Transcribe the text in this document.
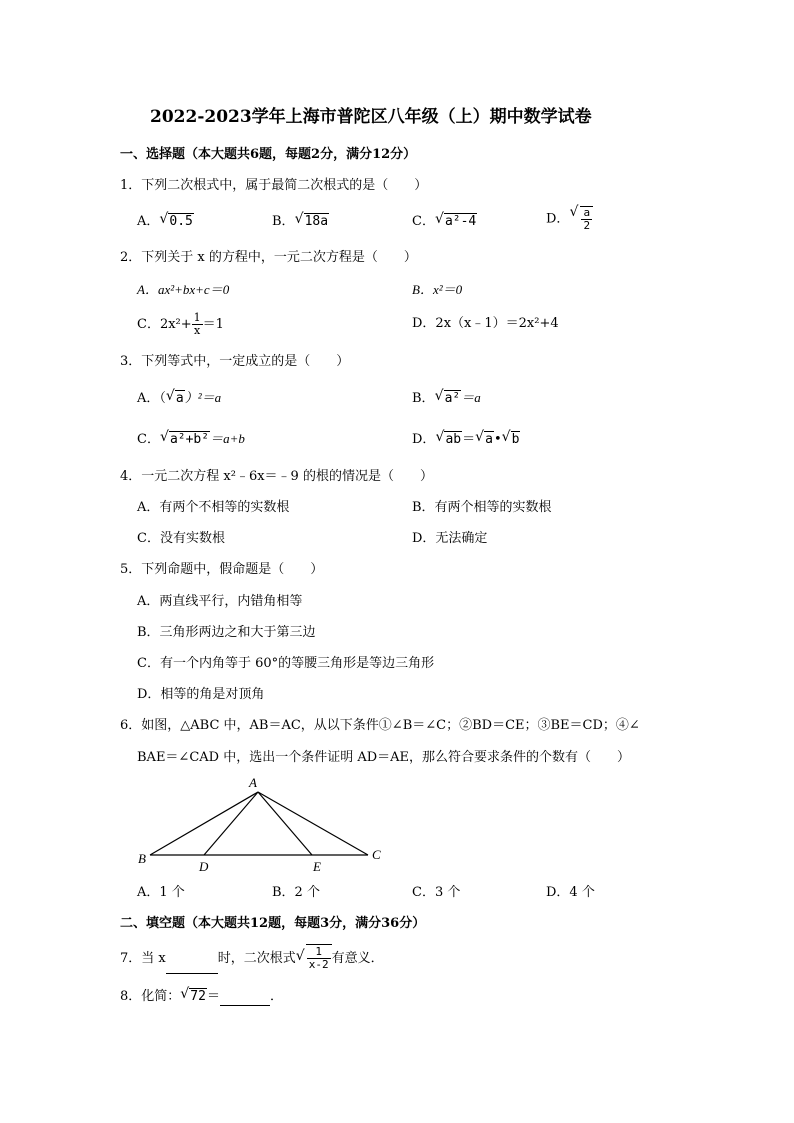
2022-2023学年上海市普陀区八年级（上）期中数学试卷
一、选择题（本大题共6题，每题2分，满分12分）
1．下列二次根式中，属于最简二次根式的是（　　）
A． √ 0.5	B． √ 18a	C． √ a²-4	D． √ $\frac{a}{2}$
2．下列关于 x 的方程中，一元二次方程是（　　）
A．ax²+bx+c＝0	B．x²＝0
C．$2x^2+ \frac{1}{x} =1$	D．2x（x﹣1）＝2x²+4
3．下列等式中，一定成立的是（　　）
A．（ √ a）²＝a	B． √ a²＝a
C． √ a²+b²＝a+b	D． √ ab＝ √ a• √ b
4．一元二次方程 x²﹣6x＝﹣9 的根的情况是（　　）
A．有两个不相等的实数根	B．有两个相等的实数根
C．没有实数根	D．无法确定
5．下列命题中，假命题是（　　）
A．两直线平行，内错角相等
B．三角形两边之和大于第三边
C．有一个内角等于 60°的等腰三角形是等边三角形
D．相等的角是对顶角
6．如图，△ABC 中，AB＝AC，从以下条件①∠B＝∠C；②BD＝CE；③BE＝CD；④∠
BAE＝∠CAD 中，选出一个条件证明 AD＝AE，那么符合要求条件的个数有（　　）
A
B	C
D	E
A．1 个	B．2 个	C．3 个	D．4 个
二、填空题（本大题共12题，每题3分，满分36分）
7．当 x	时，二次根式 √ $\frac{1}{x-2}$ 有意义．
8．化简： √ 72＝	．
